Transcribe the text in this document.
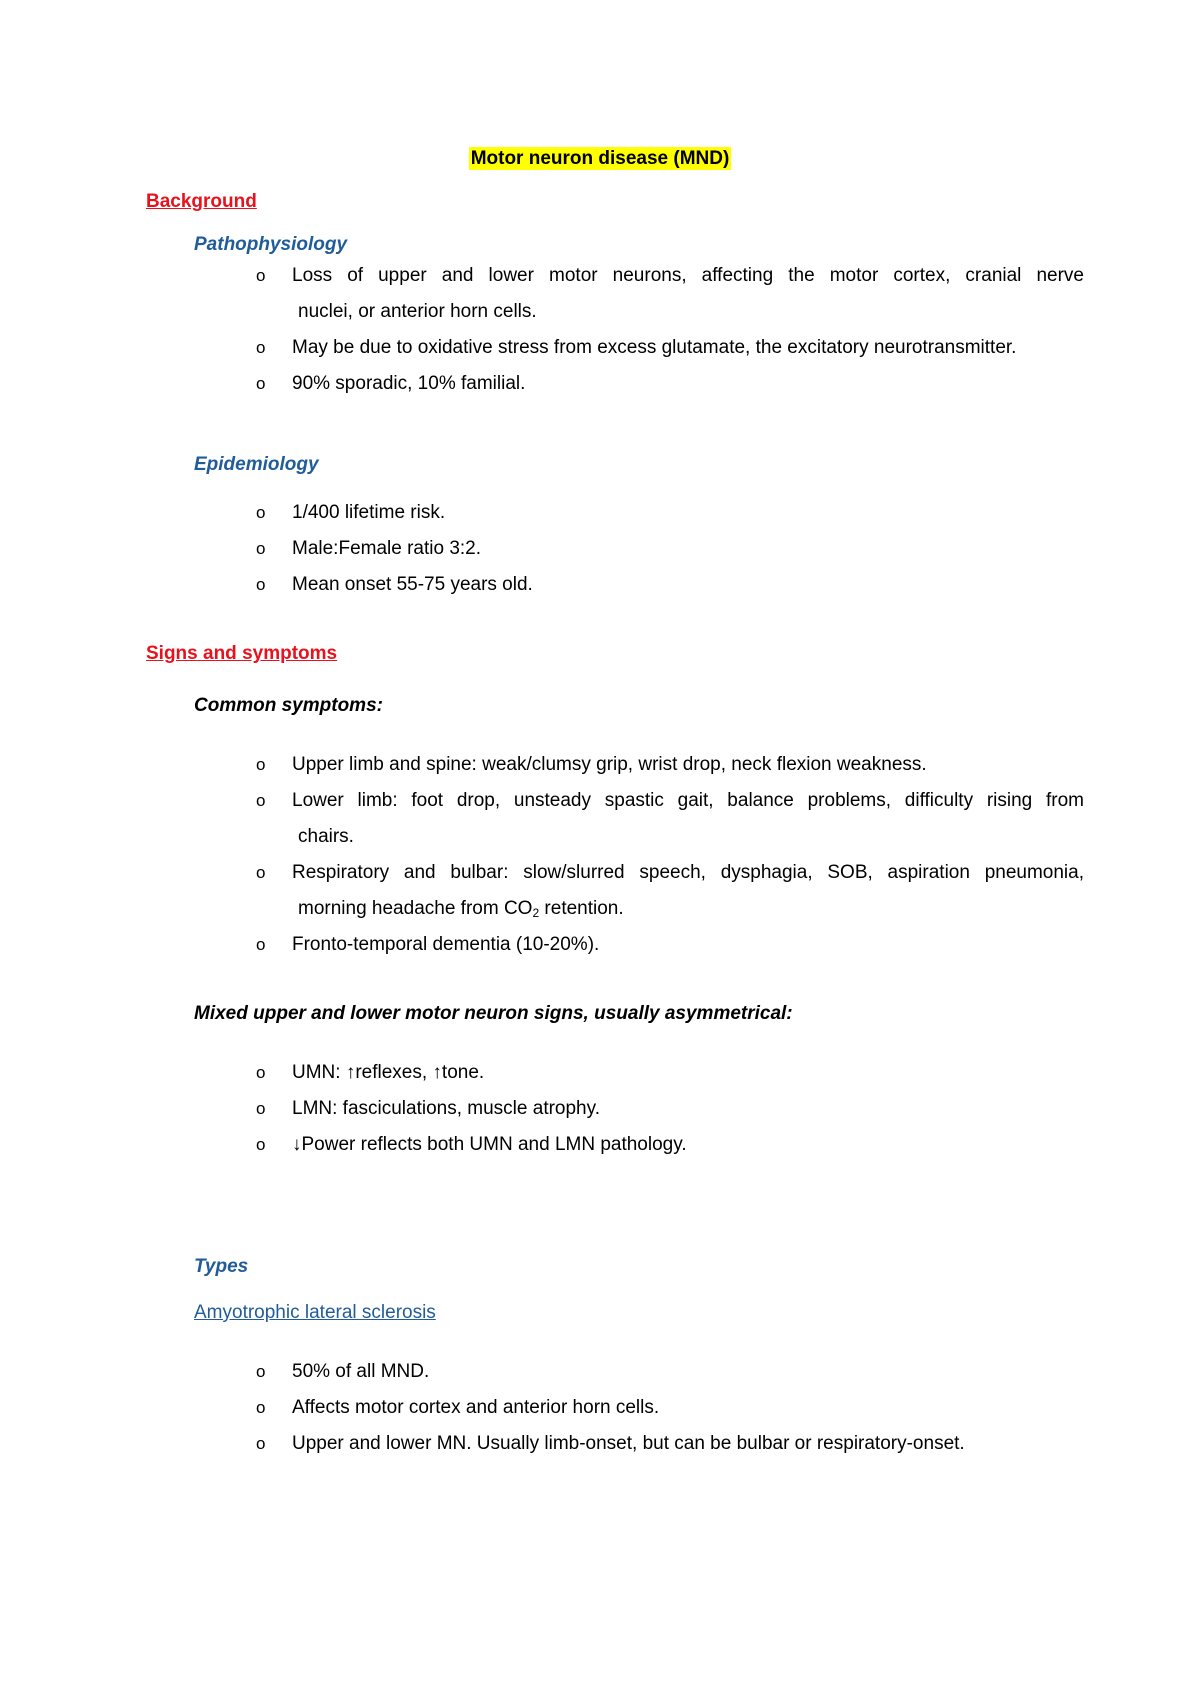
Motor neuron disease (MND)
Background
Pathophysiology
o	Loss of upper and lower motor neurons, affecting the motor cortex, cranial nerve
nuclei, or anterior horn cells.
o	May be due to oxidative stress from excess glutamate, the excitatory neurotransmitter.
o	90% sporadic, 10% familial.
Epidemiology
o	1/400 lifetime risk.
o	Male:Female ratio 3:2.
o	Mean onset 55-75 years old.
Signs and symptoms
Common symptoms:
o	Upper limb and spine: weak/clumsy grip, wrist drop, neck flexion weakness.
o	Lower limb: foot drop, unsteady spastic gait, balance problems, difficulty rising from
chairs.
o	Respiratory and bulbar: slow/slurred speech, dysphagia, SOB, aspiration pneumonia,
morning headache from $CO_2$ retention.
o	Fronto-temporal dementia (10-20%).
Mixed upper and lower motor neuron signs, usually asymmetrical:
o	UMN: ↑reflexes, ↑tone.
o	LMN: fasciculations, muscle atrophy.
o	↓Power reflects both UMN and LMN pathology.
Types
Amyotrophic lateral sclerosis
o	50% of all MND.
o	Affects motor cortex and anterior horn cells.
o	Upper and lower MN. Usually limb-onset, but can be bulbar or respiratory-onset.
